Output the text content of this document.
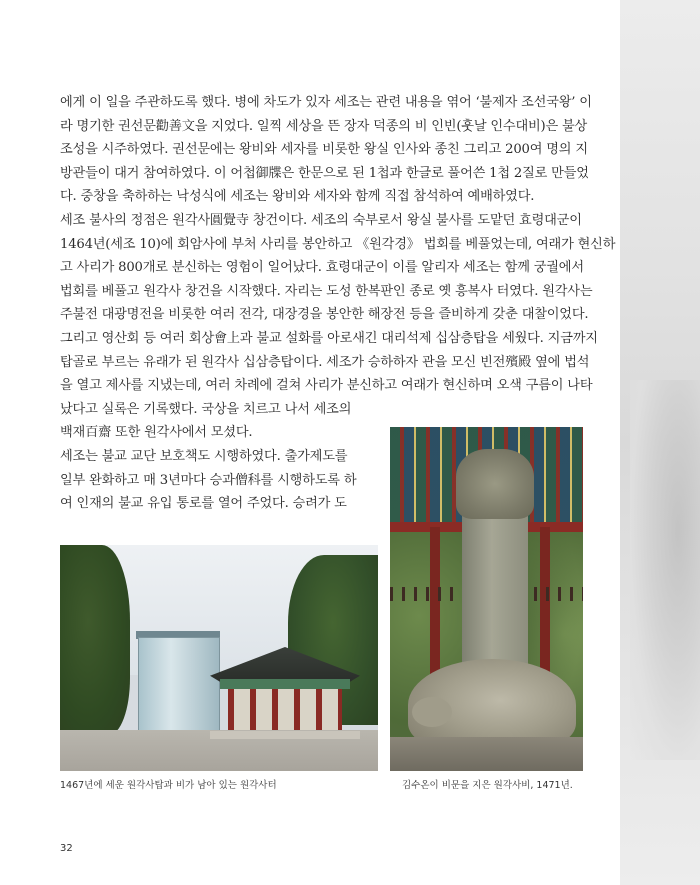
에게 이 일을 주관하도록 했다. 병에 차도가 있자 세조는 관련 내용을 엮어 ‘불제자 조선국왕’ 이
라 명기한 권선문勸善文을 지었다. 일찍 세상을 뜬 장자 덕종의 비 인빈(훗날 인수대비)은 불상
조성을 시주하였다. 권선문에는 왕비와 세자를 비롯한 왕실 인사와 종친 그리고 200여 명의 지
방관들이 대거 참여하였다. 이 어첩御牒은 한문으로 된 1첩과 한글로 풀어쓴 1첩 2질로 만들었
다. 중창을 축하하는 낙성식에 세조는 왕비와 세자와 함께 직접 참석하여 예배하였다.
세조 불사의 정점은 원각사圓覺寺 창건이다. 세조의 숙부로서 왕실 불사를 도맡던 효령대군이
1464년(세조 10)에 회암사에 부처 사리를 봉안하고 《원각경》 법회를 베풀었는데, 여래가 현신하
고 사리가 800개로 분신하는 영험이 일어났다. 효령대군이 이를 알리자 세조는 함께 궁궐에서
법회를 베풀고 원각사 창건을 시작했다. 자리는 도성 한복판인 종로 옛 흥복사 터였다. 원각사는
주불전 대광명전을 비롯한 여러 전각, 대장경을 봉안한 해장전 등을 즐비하게 갖춘 대찰이었다.
그리고 영산회 등 여러 회상會上과 불교 설화를 아로새긴 대리석제 십삼층탑을 세웠다. 지금까지
탑골로 부르는 유래가 된 원각사 십삼층탑이다. 세조가 승하하자 관을 모신 빈전殯殿 옆에 법석
을 열고 제사를 지냈는데, 여러 차례에 걸쳐 사리가 분신하고 여래가 현신하며 오색 구름이 나타
났다고 실록은 기록했다. 국상을 치르고 나서 세조의
백재百齋 또한 원각사에서 모셨다.
세조는 불교 교단 보호책도 시행하였다. 출가제도를
일부 완화하고 매 3년마다 승과僧科를 시행하도록 하
여 인재의 불교 유입 통로를 열어 주었다. 승려가 도

1467년에 세운 원각사탑과 비가 남아 있는 원각사터	김수온이 비문을 지은 원각사비, 1471년.

32
